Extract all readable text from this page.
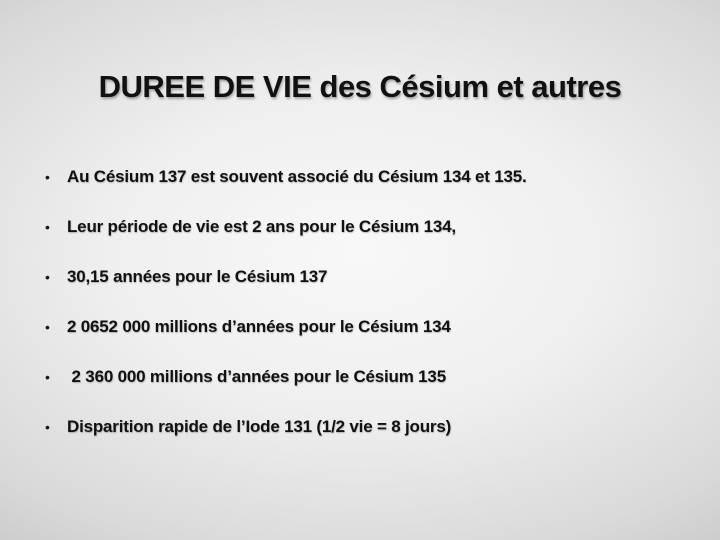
DUREE DE VIE des Césium et autres
•	Au Césium 137 est souvent associé du Césium 134 et 135.
•	Leur période de vie est 2 ans pour le Césium 134,
•	30,15 années pour le Césium 137
•	2 0652 000 millions d’années pour le Césium 134
•	2 360 000 millions d’années pour le Césium 135
•	Disparition rapide de l’Iode 131 (1/2 vie = 8 jours)
